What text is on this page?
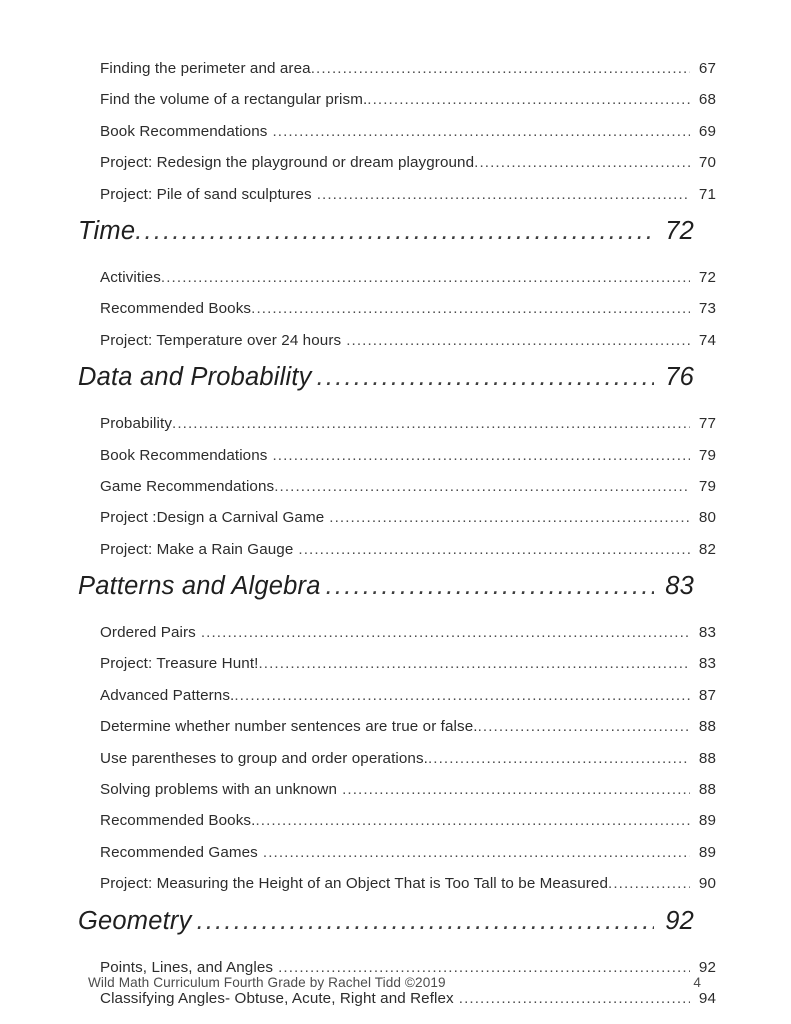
Finding the perimeter and area .....	67
Find the volume of a rectangular prism. .....	68
Book Recommendations .....	69
Project: Redesign the playground or dream playground .....	70
Project: Pile of sand sculptures .....	71
Time .....	72
Activities .....	72
Recommended Books .....	73
Project: Temperature over 24 hours .....	74
Data and Probability .....	76
Probability .....	77
Book Recommendations .....	79
Game Recommendations .....	79
Project :Design a Carnival Game .....	80
Project: Make a Rain Gauge .....	82
Patterns and Algebra .....	83
Ordered Pairs .....	83
Project: Treasure Hunt! .....	83
Advanced Patterns. .....	87
Determine whether number sentences are true or false. .....	88
Use parentheses to group and order operations. .....	88
Solving problems with an unknown .....	88
Recommended Books. .....	89
Recommended Games .....	89
Project: Measuring the Height of an Object That is Too Tall to be Measured .....	90
Geometry .....	92
Points, Lines, and Angles .....	92
Classifying Angles- Obtuse, Acute, Right and Reflex .....	94
Wild Math Curriculum Fourth Grade by Rachel Tidd ©2019	4
